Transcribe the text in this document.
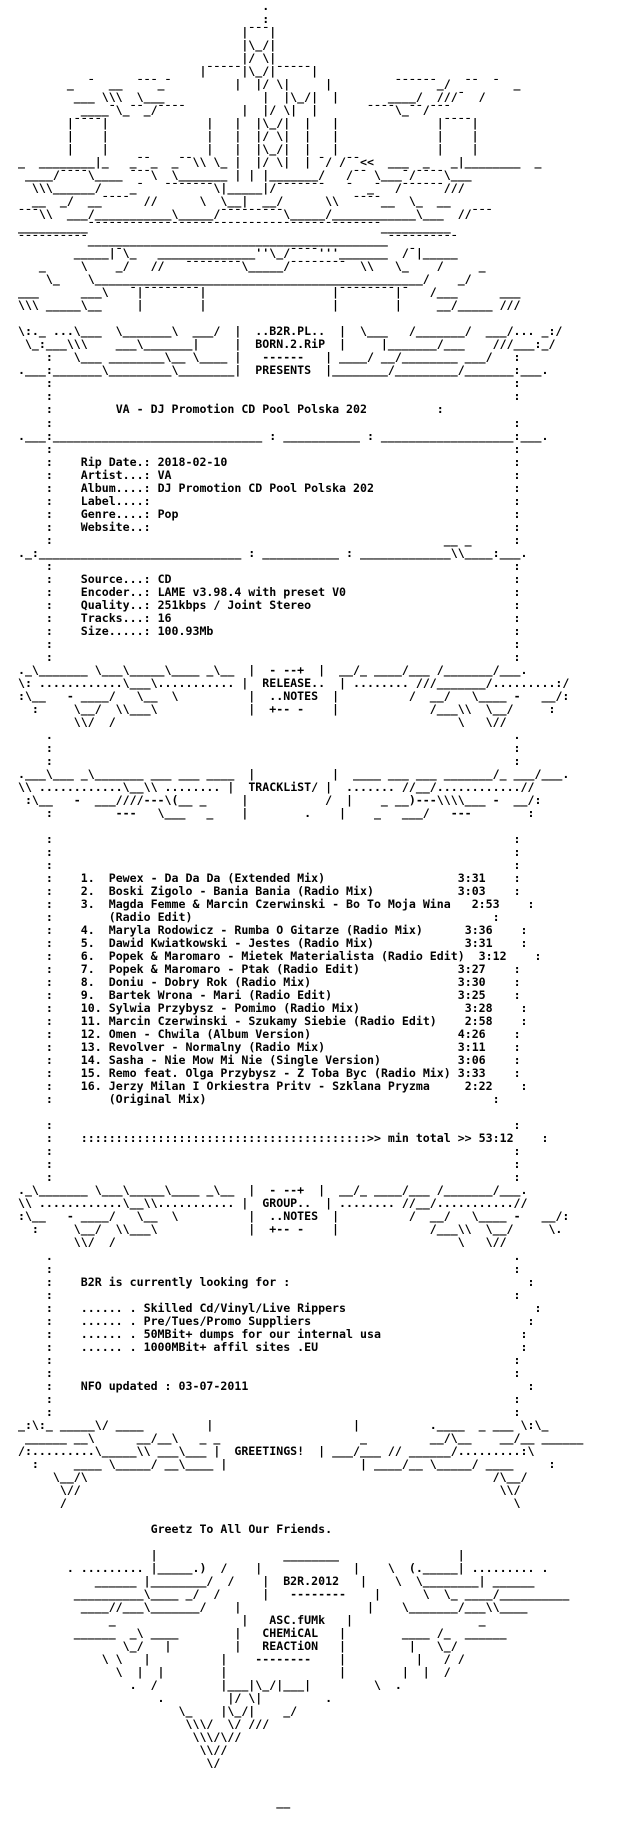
.
:
|¯¯¯|
|\_/|
|/ \|
|¯¯¯¯¯|\_/|¯¯¯¯¯|
_  ¯  __  ¯¯¯_¯         |  |/ \|     |         ¯¯¯¯¯¯_/  ¯¯  ¯  _
___ \\\  \___              |  |\_/|  |       ____/  ///¯  /
____¯\_¯¯_/¯¯¯¯        |  |/ \|  |       ¯¯¯¯\_¯¯/¯¯¯
|¯¯¯¯|              |   |  |\_/|  |   |              |¯¯¯¯|
|    |              |   |  |/ \|  |   |              |    |
|    |              |   |  |\_/|  |   |              |    |
_  ________|_   _¯¯_  _¯¯\\ \_ |  |/ \|  | ¯/ /¯¯<<  ___  _   _|________  _
____/¯¯¯¯\____ ¯¯¯\  \_______ | | |_______/   /¯¯ \___¯/¯¯¯¯\___
\\\______/    _¯   ¯¯¯¯¯¯¯\|_____|/¯¯¯¯¯¯¯   ¯  _¯  /¯¯¯¯¯¯///
__  _/  __¯¯¯¯  //      \  \__|  __/      \\  ¯¯¯¯__  \_  __
¯¯¯\\  ___/___________\_____/¯¯¯¯¯¯¯¯¯\_____/____________\___  //¯¯¯
__________¯¯¯¯¯¯¯¯¯¯¯¯¯¯¯¯¯¯¯¯¯¯¯¯¯¯¯¯¯¯¯¯¯¯¯¯¯¯¯¯¯¯__________
¯¯¯¯¯¯¯¯¯¯___________________________________________¯¯¯¯¯¯¯¯¯¯
_____|¯\_   ______________''\_/¯¯¯¯'''_______  /¯|_____
_     \    _/   //   ¯¯¯¯¯¯¯¯\_____/¯¯¯¯¯¯¯¯  \\   \_    /     _
\_    \_______________________________________________/    _/
___      ___\   ¯|¯¯¯¯¯¯¯¯|                  |¯¯¯¯¯¯¯¯|¯   /___      ___
\\\ _____\__     |        |                  |        |     __/_____ ///

\:._ ...\___  \_______\  ___/  |  ..B2R.PL..  |  \___   /_______/  ___/... _:/
\_:___\\\    ___\_______|     |  BORN.2.RiP  |     |_______/___    ///___:_/
:   \___ ________\__ \____ |   ------   | ____/ __/________ ___/   :
.___:_______\_________\________|  PRESENTS  |________/_________/_______:___.
:                                                                  :
:                                                                  :
:	VA - DJ Promotion CD Pool Polska 202	:
:                                                                  :
.___:______________________________ : ___________ : ___________________:___.
:                                                                  :
:    Rip Date.: 2018-02-10	:
:    Artist...: VA	:
:    Album....: DJ Promotion CD Pool Polska 202	:
:    Label....:	:
:    Genre....: Pop	:
:    Website..:	:
:                                                        __ _      :
._:_____________________________ : ___________ : _____________\\____:___.
:                                                                  :
:    Source...: CD	:
:    Encoder..: LAME v3.98.4 with preset V0	:
:    Quality..: 251kbps / Joint Stereo	:
:    Tracks...: 16	:
:    Size.....: 100.93Mb	:
:                                                                  :
:                                                                  :
._\_______ \___\_____\____ _\__  |  - --+  |  __/_ ____/___ /_______/___.
\: ............\___\........... |  RELEASE..  | ........ ///_______/.........:/
:\__   - ____/   \__  \          |  ..NOTES  |          /  __/   \____ -   __/:
:     \__/  \\___\             |  +-- -    |             /___\\  \__/     :
\\/  /                                                 \   \//
.                                                                  .
:                                                                  :
:                                                                  :
.___\___ _\_______ ___ ___ ____  |           |  ____ ___ ___ _______/_ ___/___.
\\ ............\__\\ ........ |  TRACKLiST/ |  ....... //__/............//
:\__   -  ___////---\(__ _     |           /  |    _ __)---\\\\___ -  __/:
:         ---   \___   _    |        .    |    _   ___/   ---        :

:                                                                  :
:                                                                  :
:                                                                  :

:    1. Pewex - Da Da Da (Extended Mix)	3:31    :
:    2. Boski Zigolo - Bania Bania (Radio Mix)	3:03    :
:    3. Magda Femme & Marcin Czerwinski - Bo To Moja Wina 2:53    :
:        (Radio Edit)                                           :
:    4. Maryla Rodowicz - Rumba O Gitarze (Radio Mix)	3:36    :
:    5. Dawid Kwiatkowski - Jestes (Radio Mix)	3:31    :
:    6. Popek & Maromaro - Mietek Materialista (Radio Edit) 3:12    :
:    7. Popek & Maromaro - Ptak (Radio Edit)	3:27    :
:    8. Doniu - Dobry Rok (Radio Mix)	3:30    :
:    9. Bartek Wrona - Mari (Radio Edit)	3:25    :
:    10. Sylwia Przybysz - Pomimo (Radio Mix)	3:28    :
:    11. Marcin Czerwinski - Szukamy Siebie (Radio Edit) 2:58    :
:    12. Omen - Chwila (Album Version)	4:26    :
:    13. Revolver - Normalny (Radio Mix)	3:11    :
:    14. Sasha - Nie Mow Mi Nie (Single Version)	3:06    :
:    15. Remo feat. Olga Przybysz - Z Toba Byc (Radio Mix) 3:33    :
:    16. Jerzy Milan I Orkiestra Pritv - Szklana Pryzma	2:22    :
:        (Original Mix)                                         :

:                                                                  :
:    :::::::::::::::::::::::::::::::::::::::::>> min total >> 53:12    :
:                                                                  :
:                                                                  :
:                                                                  :
._\_______ \___\_____\____ _\__  |  - --+  |  __/_ ____/___ /_______/___.
\\ ............\__\\........... |  GROUP..  | ........ //__/...........//
:\__   - ____/   \__  \          |  ..NOTES  |          /  __/   \____ -   __/:
:     \__/  \\___\             |  +-- -    |             /___\\  \__/     \.
\\/  /                                                 \   \//
.                                                                  .
:                                                                  :
:    B2R is currently looking for :	:
:                                                                  :
:    ...... . Skilled Cd/Vinyl/Live Rippers	:
:    ...... . Pre/Tues/Promo Suppliers	:
:    ...... . 50MBit+ dumps for our internal usa	:
:    ...... . 1000MBit+ affil sites .EU	:
:                                                                  :
:                                                                  :
:    NFO updated : 03-07-2011	:
:                                                                  :
:                                                                  :
_:\:_ _____\/ ____         |                    |          .____  _ ___ \:\_
______ __\      __/__\   _ _                    _         __/\__    __/__ ______
/:.........\_____\\ ___\___ |  GREETINGS!  | ___/___ // ______/.........:\
:     ____ \_____/ __\____ |                   | ____/__ \_____/ ____     :
\__/\                                                          /\__/
\//                                                            \\/
/                                                                \

Greetz To All Our Friends.

|                  ________                 |
. ......... |_____.)  /    |             |    \  (._____| ......... .
______ |________/  /    |  B2R.2012   |    \  \________| ______
__________\____ _/  /      |   --------    |      \  \_ ____/__________
____//___\_______/    |                  |    \_______/___\\____
_                  |   ASC.fUMk   |                  _
______  _\ ____        |   CHEMiCAL   |        ____ /_  ______
\_/   |         |   REACTiON   |         |   \_/
\ \   |          |    --------    |          |   / /
\  |  |        |                |        |  |  /
.  /         |___|\_/|___|         \  .
.         |/ \|         .
\_    |\_/|    _/
\\\/  \/ ///
\\\/\//
\\//
\/

__
